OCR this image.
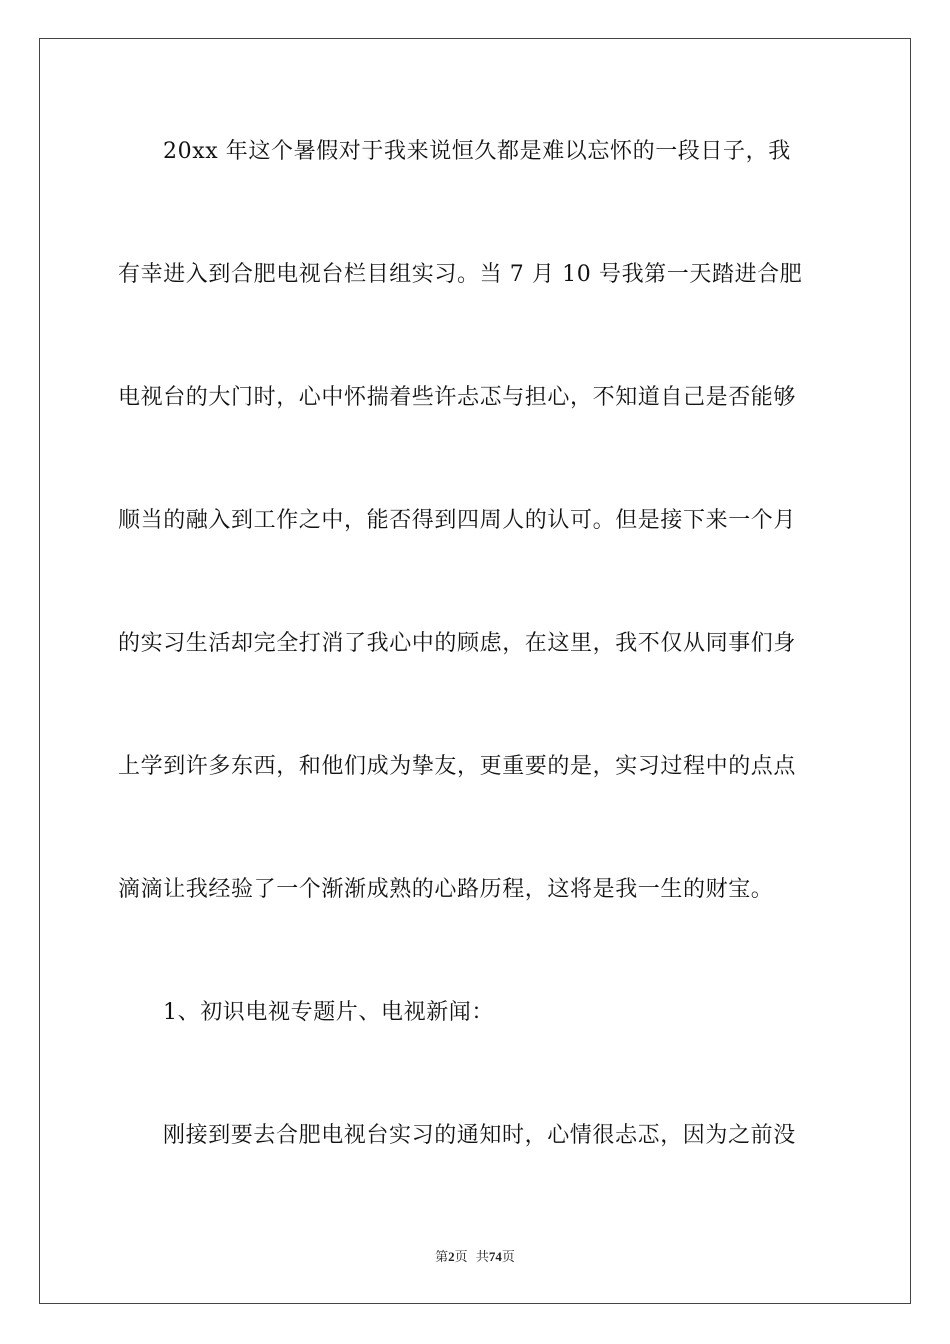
20xx 年这个暑假对于我来说恒久都是难以忘怀的一段日子，我
有幸进入到合肥电视台栏目组实习。当 7 月 10 号我第一天踏进合肥
电视台的大门时，心中怀揣着些许忐忑与担心，不知道自己是否能够
顺当的融入到工作之中，能否得到四周人的认可。但是接下来一个月
的实习生活却完全打消了我心中的顾虑，在这里，我不仅从同事们身
上学到许多东西，和他们成为挚友，更重要的是，实习过程中的点点
滴滴让我经验了一个渐渐成熟的心路历程，这将是我一生的财宝。
1、初识电视专题片、电视新闻：
刚接到要去合肥电视台实习的通知时，心情很忐忑，因为之前没
第2页  共74页
